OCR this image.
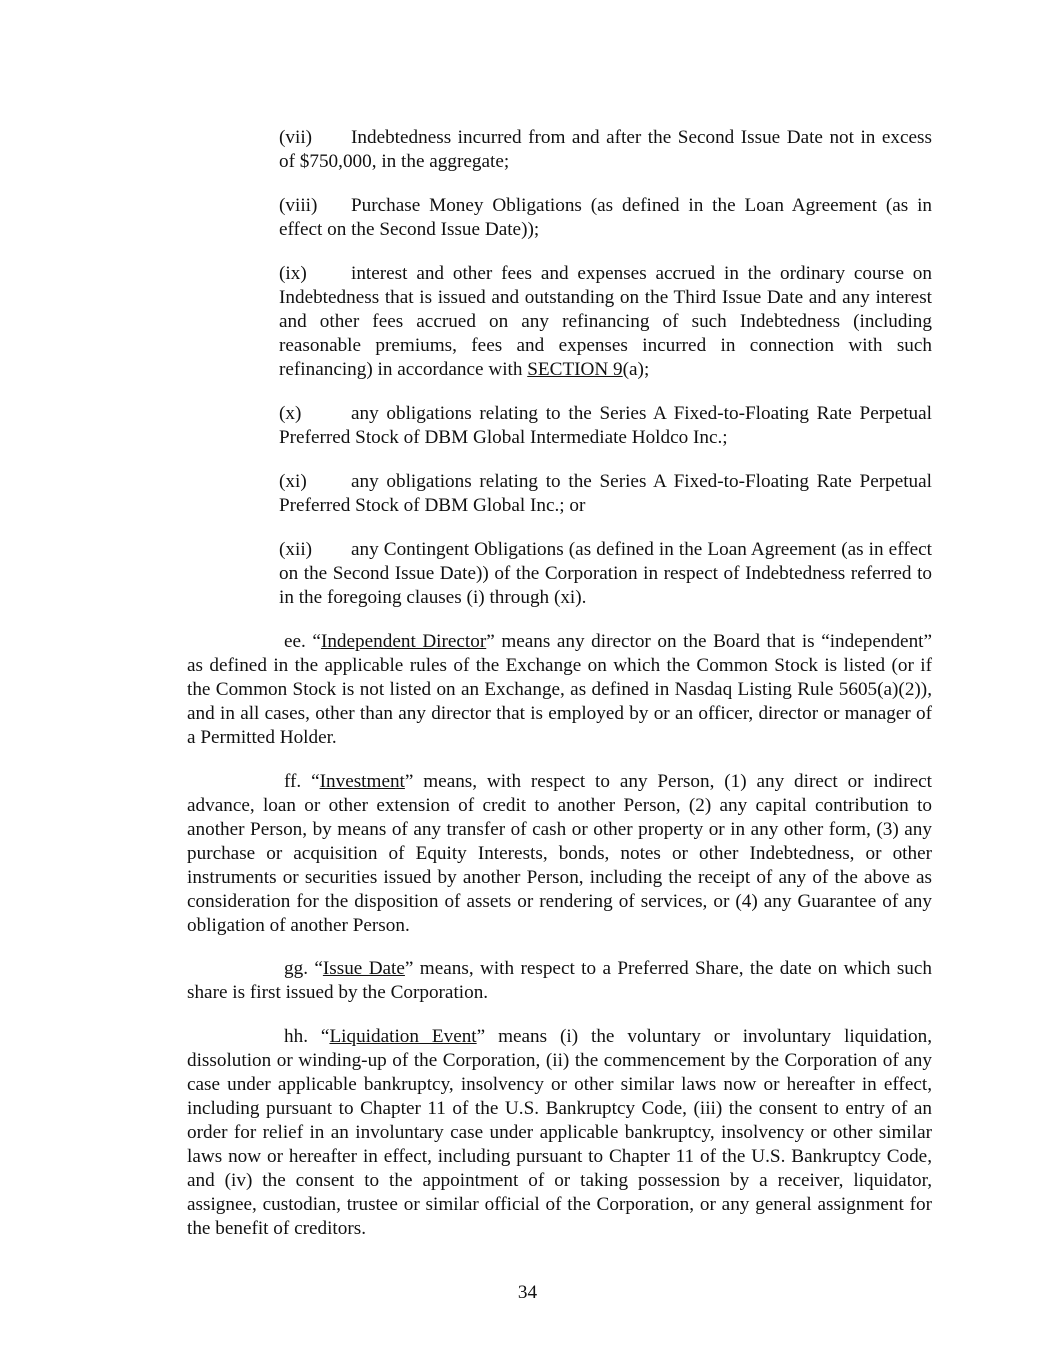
(vii) Indebtedness incurred from and after the Second Issue Date not in excess of $750,000, in the aggregate;

(viii) Purchase Money Obligations (as defined in the Loan Agreement (as in effect on the Second Issue Date));

(ix) interest and other fees and expenses accrued in the ordinary course on Indebtedness that is issued and outstanding on the Third Issue Date and any interest and other fees accrued on any refinancing of such Indebtedness (including reasonable premiums, fees and expenses incurred in connection with such refinancing) in accordance with SECTION 9(a);

(x)	any obligations relating to the Series A Fixed-to-Floating Rate Perpetual Preferred Stock of DBM Global Intermediate Holdco Inc.;

(xi) any obligations relating to the Series A Fixed-to-Floating Rate Perpetual Preferred Stock of DBM Global Inc.; or

(xii) any Contingent Obligations (as defined in the Loan Agreement (as in effect on the Second Issue Date)) of the Corporation in respect of Indebtedness referred to in the foregoing clauses (i) through (xi).

ee. “Independent Director” means any director on the Board that is “independent” as defined in the applicable rules of the Exchange on which the Common Stock is listed (or if the Common Stock is not listed on an Exchange, as defined in Nasdaq Listing Rule 5605(a)(2)), and in all cases, other than any director that is employed by or an officer, director or manager of a Permitted Holder.

ff. “Investment” means, with respect to any Person, (1) any direct or indirect advance, loan or other extension of credit to another Person, (2) any capital contribution to another Person, by means of any transfer of cash or other property or in any other form, (3) any purchase or acquisition of Equity Interests, bonds, notes or other Indebtedness, or other instruments or securities issued by another Person, including the receipt of any of the above as consideration for the disposition of assets or rendering of services, or (4) any Guarantee of any obligation of another Person.

gg. “Issue Date” means, with respect to a Preferred Share, the date on which such share is first issued by the Corporation.

hh. “Liquidation Event” means (i) the voluntary or involuntary liquidation, dissolution or winding-up of the Corporation, (ii) the commencement by the Corporation of any case under applicable bankruptcy, insolvency or other similar laws now or hereafter in effect, including pursuant to Chapter 11 of the U.S. Bankruptcy Code, (iii) the consent to entry of an order for relief in an involuntary case under applicable bankruptcy, insolvency or other similar laws now or hereafter in effect, including pursuant to Chapter 11 of the U.S. Bankruptcy Code, and (iv) the consent to the appointment of or taking possession by a receiver, liquidator, assignee, custodian, trustee or similar official of the Corporation, or any general assignment for the benefit of creditors.

34
